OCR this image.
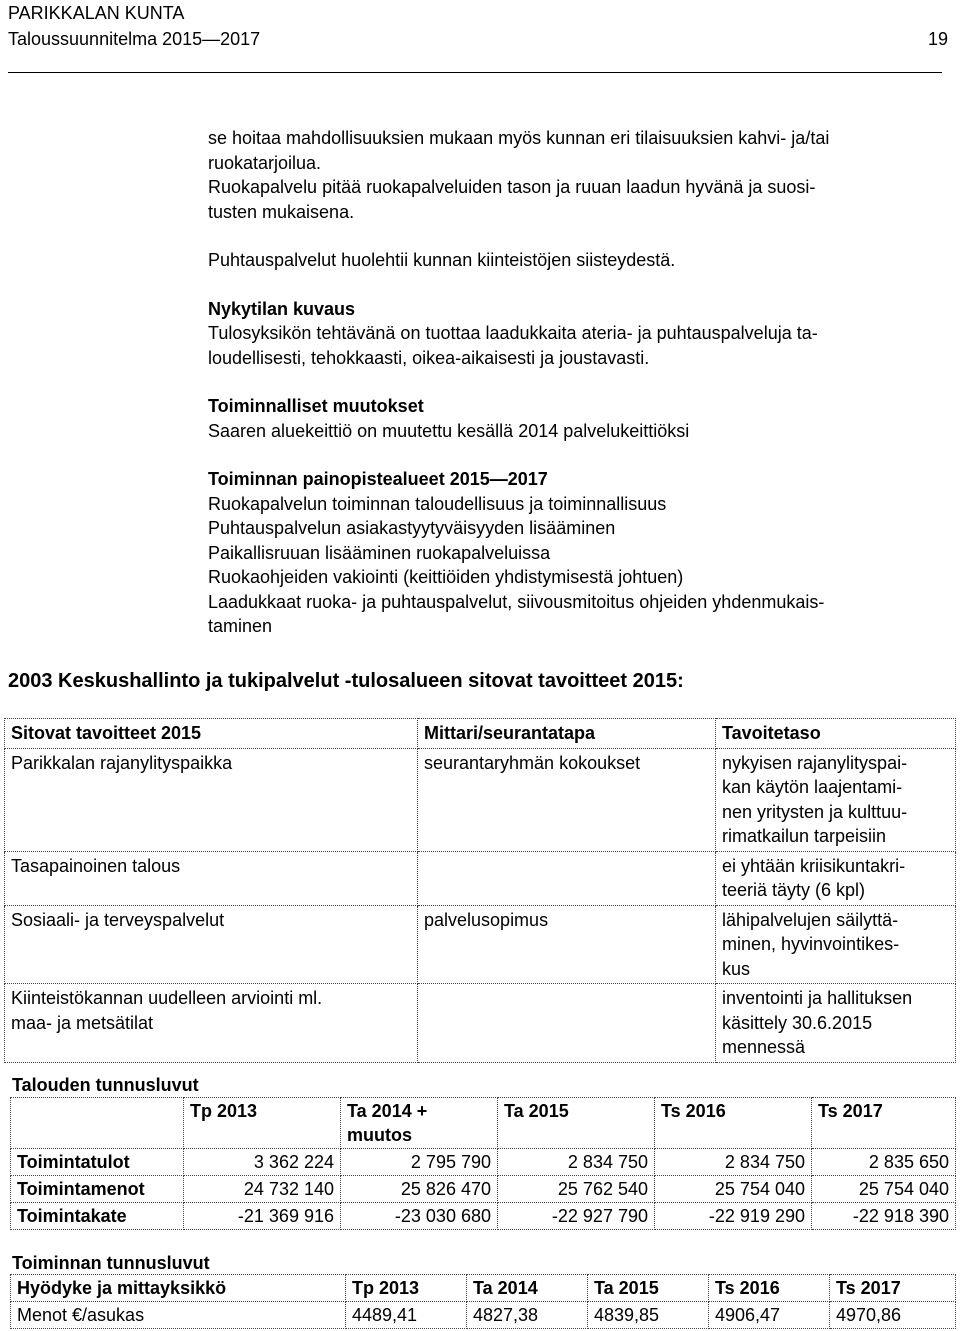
PARIKKALAN KUNTA
Taloussuunnitelma 2015—2017	19

se hoitaa mahdollisuuksien mukaan myös kunnan eri tilaisuuksien kahvi- ja/tai

ruokatarjoilua.

Ruokapalvelu pitää ruokapalveluiden tason ja ruuan laadun hyvänä ja suosi-

tusten mukaisena.

Puhtauspalvelut huolehtii kunnan kiinteistöjen siisteydestä.

Nykytilan kuvaus

Tulosyksikön tehtävänä on tuottaa laadukkaita ateria- ja puhtauspalveluja ta-

loudellisesti, tehokkaasti, oikea-aikaisesti ja joustavasti.

Toiminnalliset muutokset

Saaren aluekeittiö on muutettu kesällä 2014 palvelukeittiöksi

Toiminnan painopistealueet 2015—2017

Ruokapalvelun toiminnan taloudellisuus ja toiminnallisuus

Puhtauspalvelun asiakastyytyväisyyden lisääminen

Paikallisruuan lisääminen ruokapalveluissa

Ruokaohjeiden vakiointi (keittiöiden yhdistymisestä johtuen)

Laadukkaat ruoka- ja puhtauspalvelut, siivousmitoitus ohjeiden yhdenmukais-

taminen

2003 Keskushallinto ja tukipalvelut -tulosalueen sitovat tavoitteet 2015:
Sitovat tavoitteet 2015	Mittari/seurantatapa	Tavoitetaso
Parikkalan rajanylityspaikka	seurantaryhmän kokoukset	nykyisen rajanylityspai-
kan käytön laajentami-
nen yritysten ja kulttuu-
rimatkailun tarpeisiin
Tasapainoinen talous		ei yhtään kriisikuntakri-
teeriä täyty (6 kpl)
Sosiaali- ja terveyspalvelut	palvelusopimus	lähipalvelujen säilyttä-
minen, hyvinvointikes-
kus
Kiinteistökannan uudelleen arviointi ml.
maa- ja metsätilat		inventointi ja hallituksen
käsittely 30.6.2015
mennessä
Talouden tunnusluvut
	Tp 2013	Ta 2014 +
muutos	Ta 2015	Ts 2016	Ts 2017
Toimintatulot	3 362 224	2 795 790	2 834 750	2 834 750	2 835 650
Toimintamenot	24 732 140	25 826 470	25 762 540	25 754 040	25 754 040
Toimintakate	-21 369 916	-23 030 680	-22 927 790	-22 919 290	-22 918 390
Toiminnan tunnusluvut
Hyödyke ja mittayksikkö	Tp 2013	Ta 2014	Ta 2015	Ts 2016	Ts 2017
Menot €/asukas	4489,41	4827,38	4839,85	4906,47	4970,86
